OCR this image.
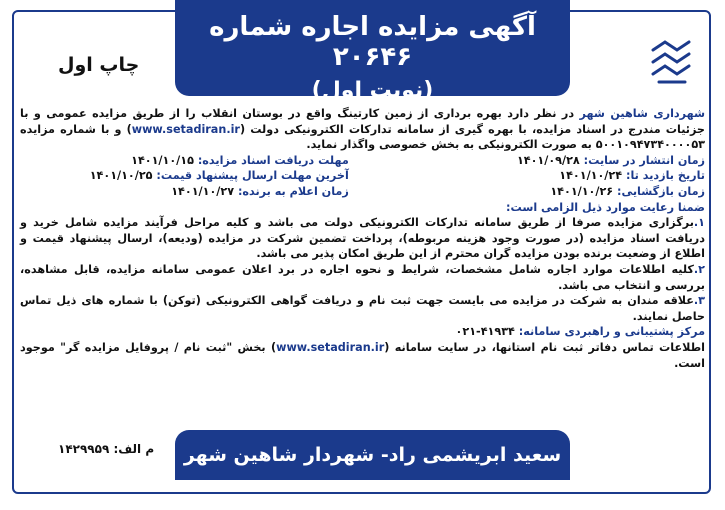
آگهی مزایده اجاره شماره ۲۰۶۴۶
(نوبت اول)
چاپ اول

شهرداری شاهین شهر در نظر دارد بهره برداری از زمین کارتینگ واقع در بوستان انقلاب را از طریق مزایده عمومی و با جزئیات مندرج در اسناد مزایده، با بهره گیری از سامانه تدارکات الکترونیکی دولت (www.setadiran.ir) و با شماره مزایده ۵۰۰۱۰۹۴۷۳۴۰۰۰۰۵۳ به صورت الکترونیکی به بخش خصوصی واگذار نماید.

زمان انتشار در سایت: ۱۴۰۱/۰۹/۲۸
تاریخ بازدید تا: ۱۴۰۱/۱۰/۲۴
زمان بازگشایی: ۱۴۰۱/۱۰/۲۶
مهلت دریافت اسناد مزایده: ۱۴۰۱/۱۰/۱۵
آخرین مهلت ارسال پیشنهاد قیمت: ۱۴۰۱/۱۰/۲۵
زمان اعلام به برنده: ۱۴۰۱/۱۰/۲۷

ضمنا رعایت موارد ذیل الزامی است:

۱.برگزاری مزایده صرفا از طریق سامانه تدارکات الکترونیکی دولت می باشد و کلیه مراحل فرآیند مزایده شامل خرید و دریافت اسناد مزایده (در صورت وجود هزینه مربوطه)، پرداخت تضمین شرکت در مزایده (ودیعه)، ارسال پیشنهاد قیمت و اطلاع از وضعیت برنده بودن مزایده گران محترم از این طریق امکان پذیر می باشد.

۲.کلیه اطلاعات موارد اجاره شامل مشخصات، شرایط و نحوه اجاره در برد اعلان عمومی سامانه مزایده، قابل مشاهده، بررسی و انتخاب می باشد.

۳.علاقه مندان به شرکت در مزایده می بایست جهت ثبت نام و دریافت گواهی الکترونیکی (توکن) با شماره های ذیل تماس حاصل نمایند.

مرکز پشتیبانی و راهبردی سامانه: ۴۱۹۳۴-۰۲۱

اطلاعات تماس دفاتر ثبت نام استانها، در سایت سامانه (www.setadiran.ir) بخش "ثبت نام / پروفایل مزایده گر" موجود است.

سعید ابریشمی راد- شهردار شاهین شهر
م الف: ۱۴۲۹۹۵۹
